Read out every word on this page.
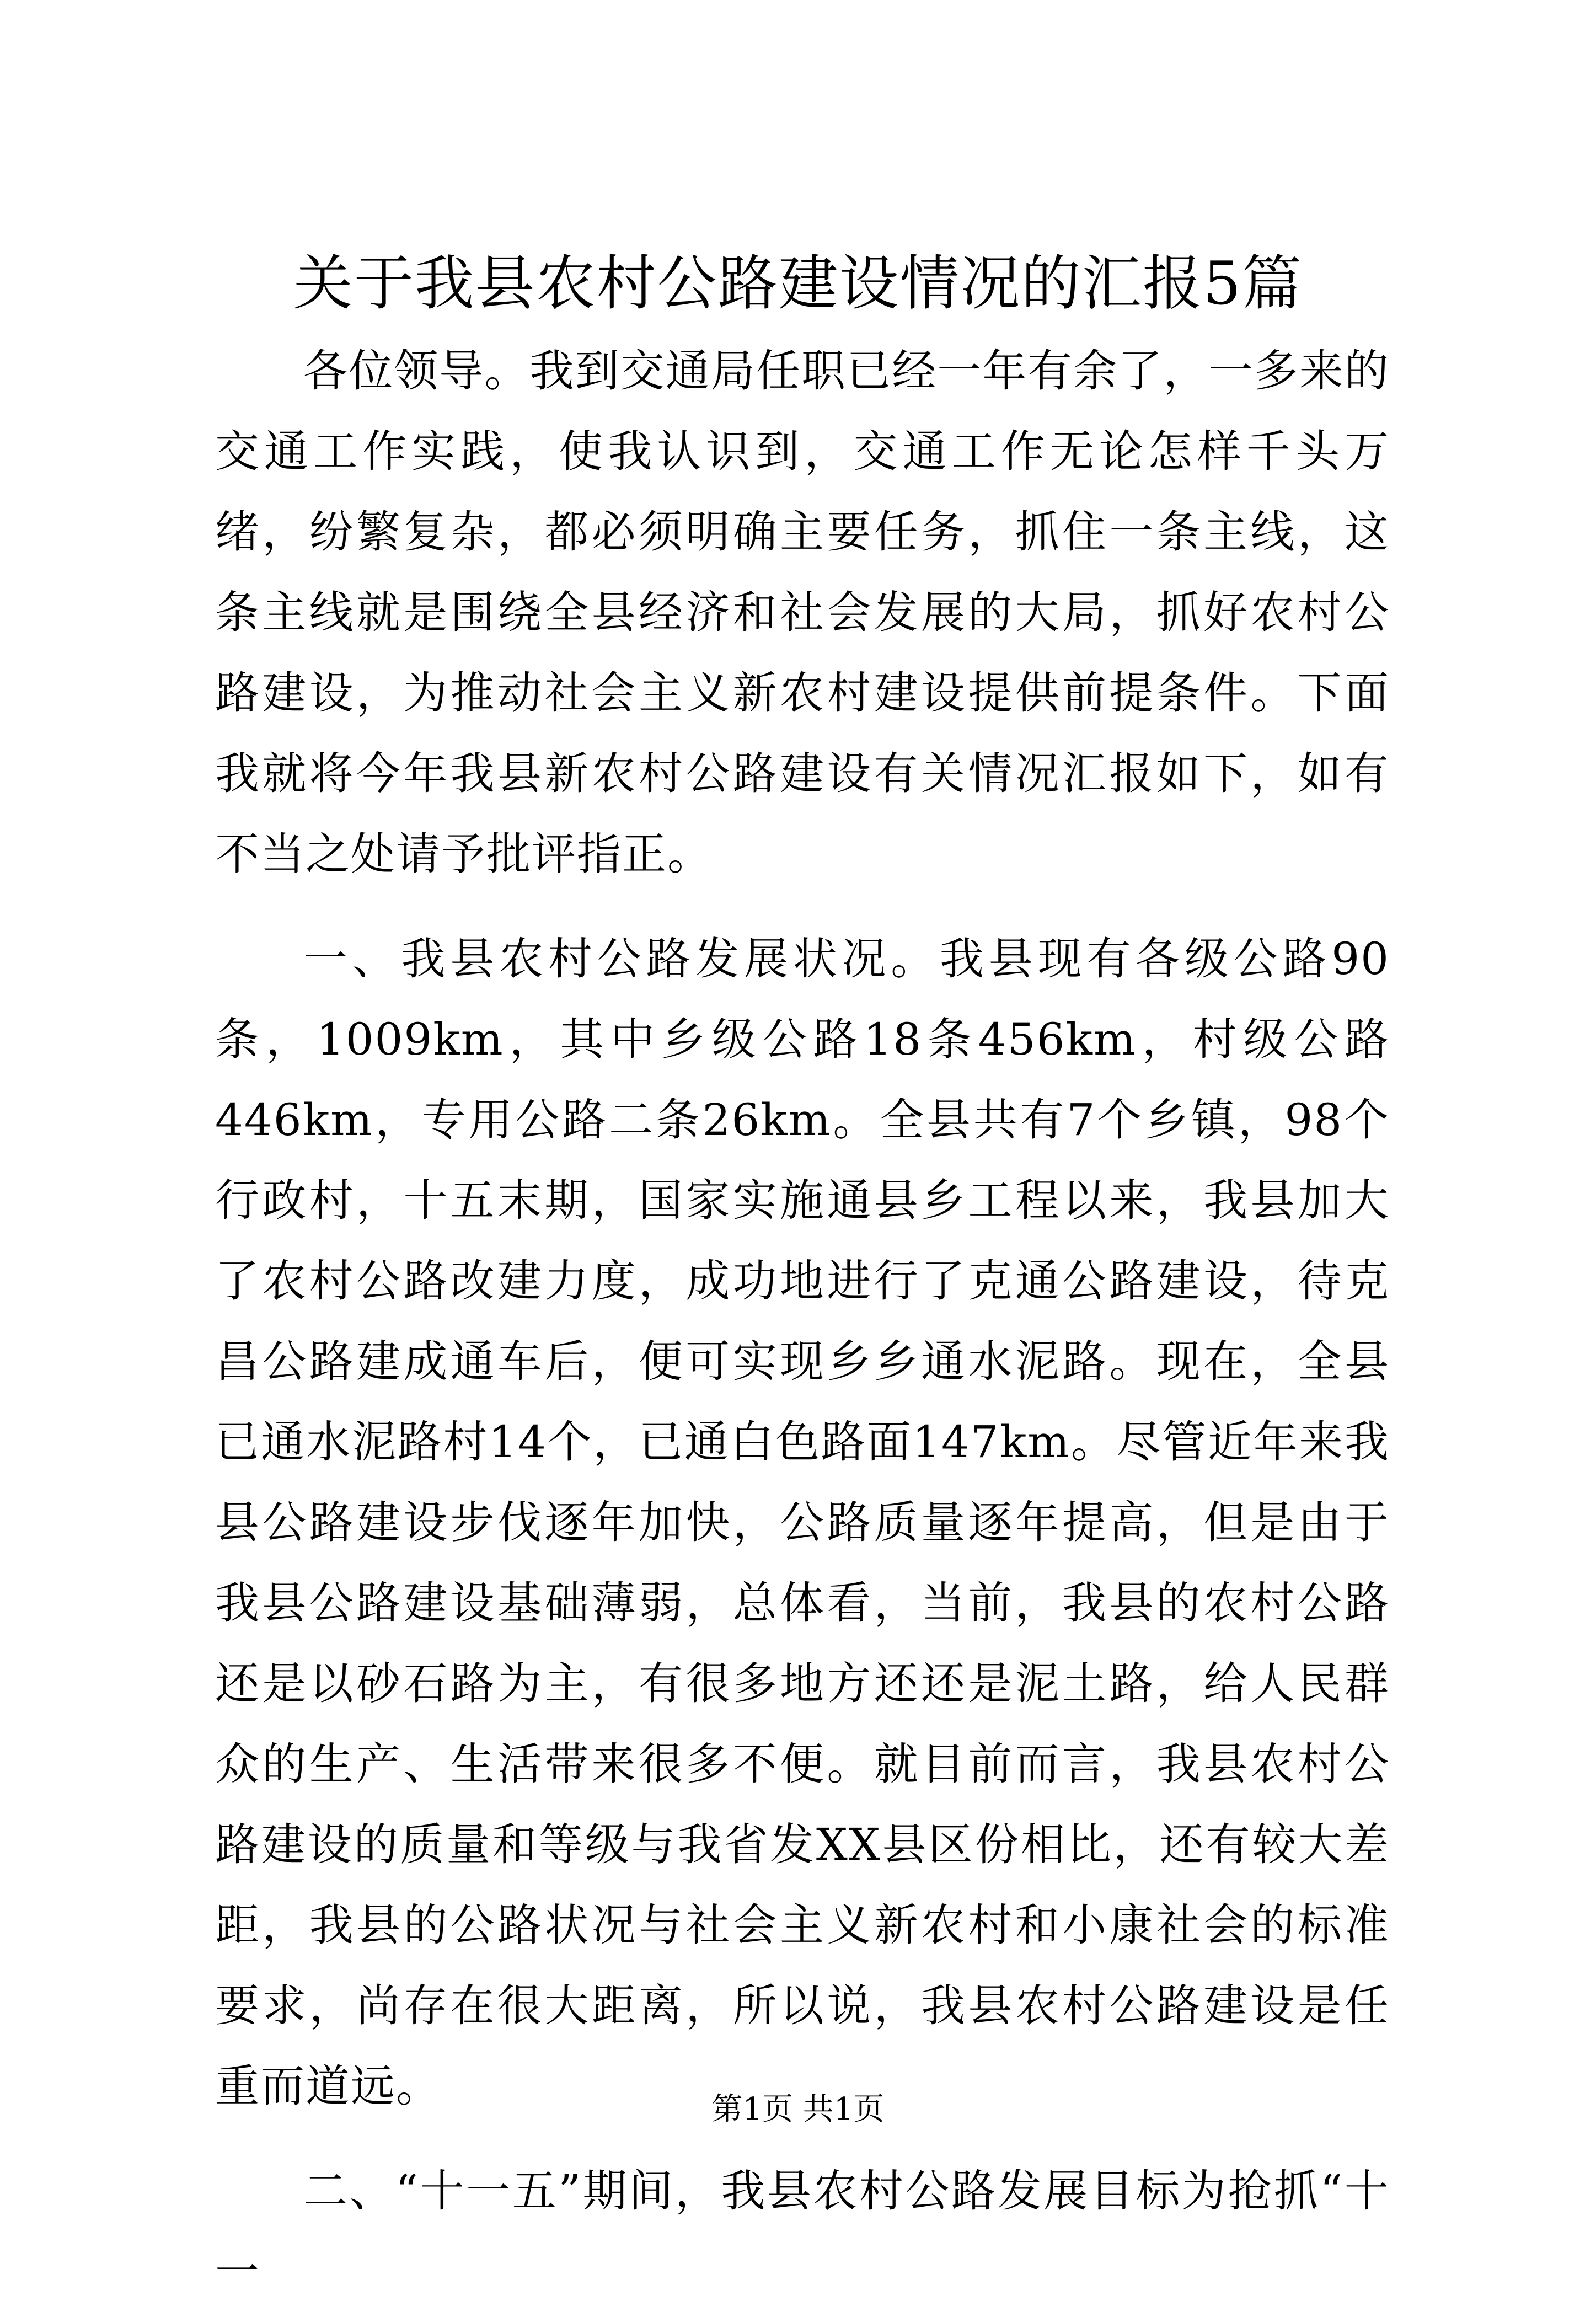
关于我县农村公路建设情况的汇报5篇

各位领导。我到交通局任职已经一年有余了，一多来的交通工作实践，使我认识到，交通工作无论怎样千头万绪，纷繁复杂，都必须明确主要任务，抓住一条主线，这条主线就是围绕全县经济和社会发展的大局，抓好农村公路建设，为推动社会主义新农村建设提供前提条件。下面我就将今年我县新农村公路建设有关情况汇报如下，如有不当之处请予批评指正。

一、我县农村公路发展状况。我县现有各级公路90条，1009km，其中乡级公路18条456km，村级公路446km，专用公路二条26km。全县共有7个乡镇，98个行政村，十五末期，国家实施通县乡工程以来，我县加大了农村公路改建力度，成功地进行了克通公路建设，待克昌公路建成通车后，便可实现乡乡通水泥路。现在，全县已通水泥路村14个，已通白色路面147km。尽管近年来我县公路建设步伐逐年加快，公路质量逐年提高，但是由于我县公路建设基础薄弱，总体看，当前，我县的农村公路还是以砂石路为主，有很多地方还还是泥土路，给人民群众的生产、生活带来很多不便。就目前而言，我县农村公路建设的质量和等级与我省发XX县区份相比，还有较大差距，我县的公路状况与社会主义新农村和小康社会的标准要求，尚存在很大距离，所以说，我县农村公路建设是任重而道远。

二、“十一五”期间，我县农村公路发展目标为抢抓“十一

第1页 共1页
